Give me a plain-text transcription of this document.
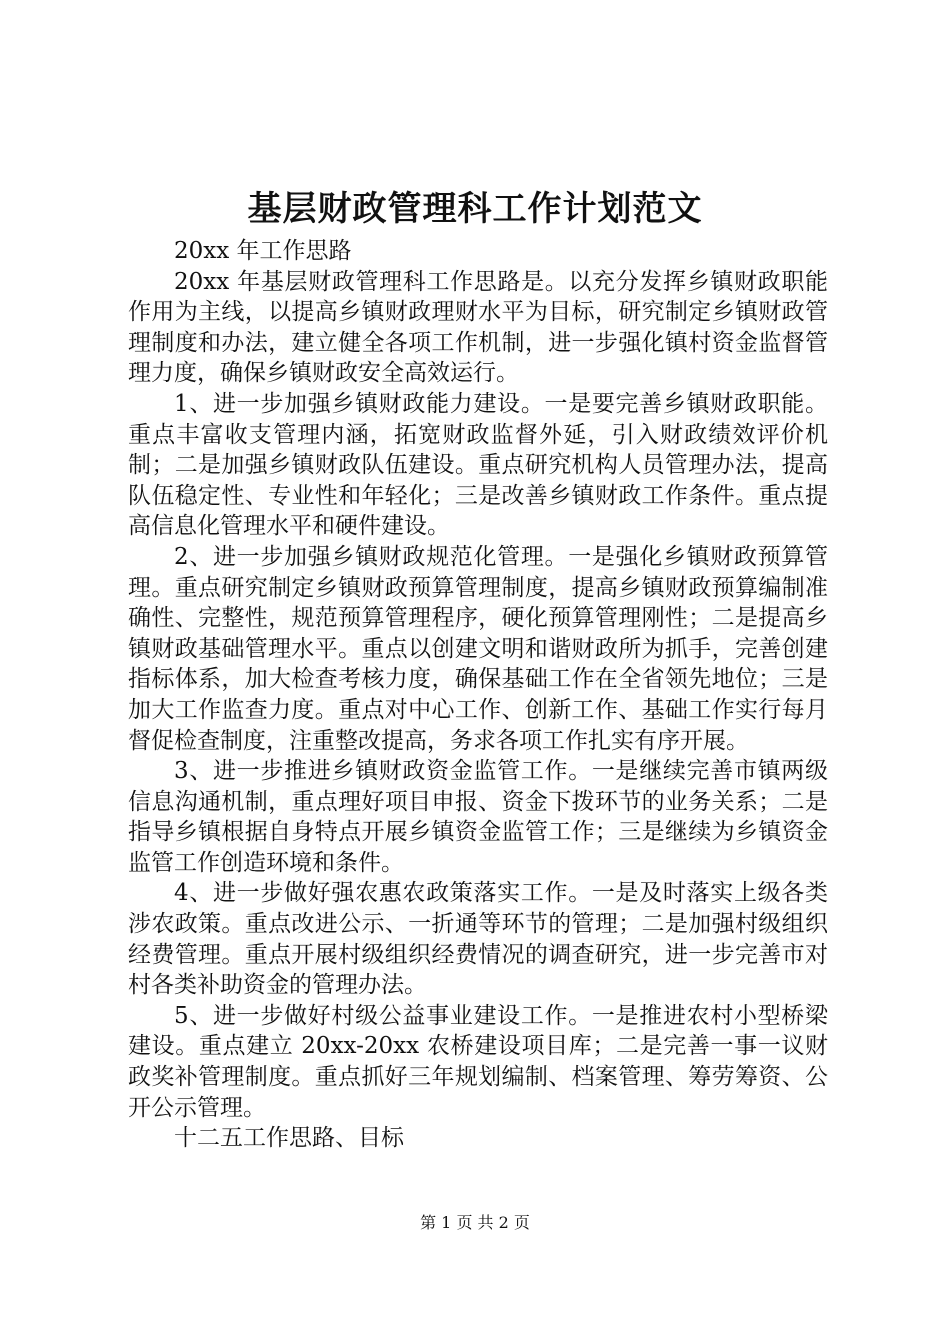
基层财政管理科工作计划范文

20xx 年工作思路

20xx 年基层财政管理科工作思路是。以充分发挥乡镇财政职能作用为主线，以提高乡镇财政理财水平为目标，研究制定乡镇财政管理制度和办法，建立健全各项工作机制，进一步强化镇村资金监督管理力度，确保乡镇财政安全高效运行。

1、进一步加强乡镇财政能力建设。一是要完善乡镇财政职能。重点丰富收支管理内涵，拓宽财政监督外延，引入财政绩效评价机制；二是加强乡镇财政队伍建设。重点研究机构人员管理办法，提高队伍稳定性、专业性和年轻化；三是改善乡镇财政工作条件。重点提高信息化管理水平和硬件建设。

2、进一步加强乡镇财政规范化管理。一是强化乡镇财政预算管理。重点研究制定乡镇财政预算管理制度，提高乡镇财政预算编制准确性、完整性，规范预算管理程序，硬化预算管理刚性；二是提高乡镇财政基础管理水平。重点以创建文明和谐财政所为抓手，完善创建指标体系，加大检查考核力度，确保基础工作在全省领先地位；三是加大工作监查力度。重点对中心工作、创新工作、基础工作实行每月督促检查制度，注重整改提高，务求各项工作扎实有序开展。

3、进一步推进乡镇财政资金监管工作。一是继续完善市镇两级信息沟通机制，重点理好项目申报、资金下拨环节的业务关系；二是指导乡镇根据自身特点开展乡镇资金监管工作；三是继续为乡镇资金监管工作创造环境和条件。

4、进一步做好强农惠农政策落实工作。一是及时落实上级各类涉农政策。重点改进公示、一折通等环节的管理；二是加强村级组织经费管理。重点开展村级组织经费情况的调查研究，进一步完善市对村各类补助资金的管理办法。

5、进一步做好村级公益事业建设工作。一是推进农村小型桥梁建设。重点建立 20xx-20xx 农桥建设项目库；二是完善一事一议财政奖补管理制度。重点抓好三年规划编制、档案管理、筹劳筹资、公开公示管理。

十二五工作思路、目标

第 1 页 共 2 页
